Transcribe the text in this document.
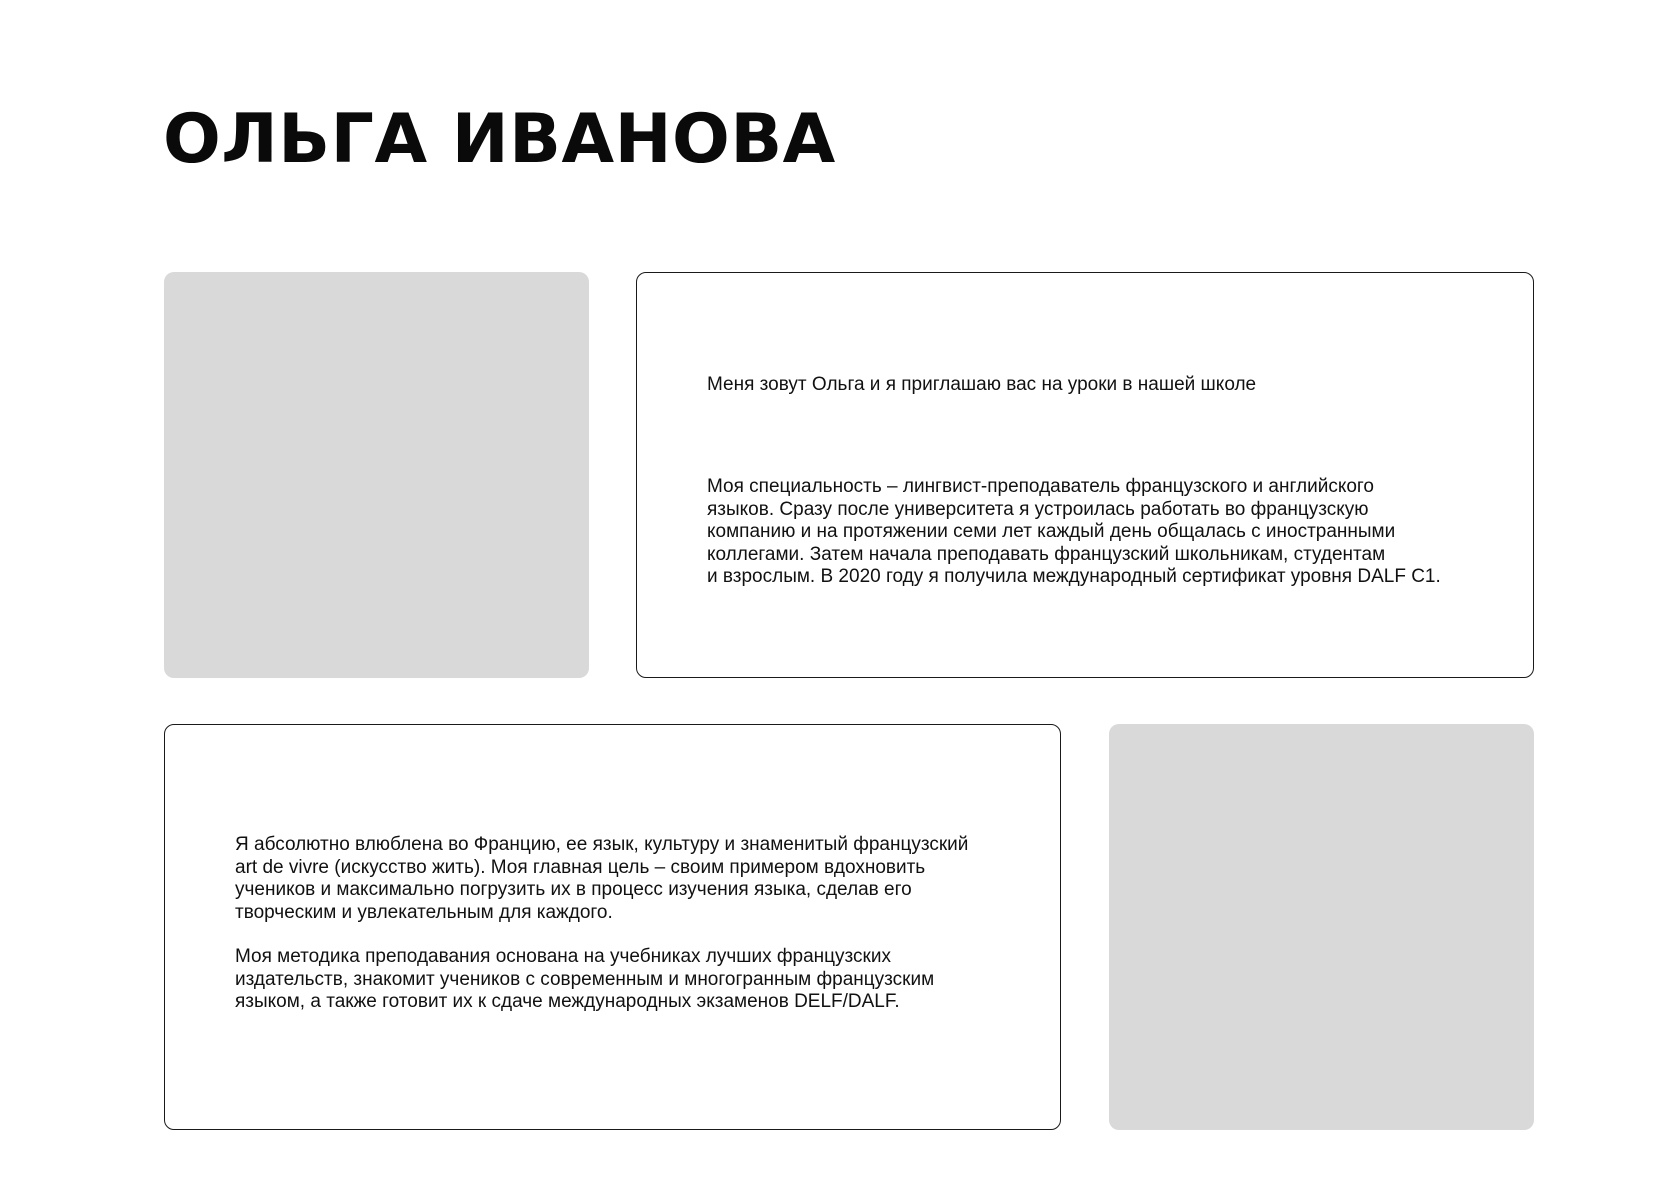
ОЛЬГА ИВАНОВА

Меня зовут Ольга и я приглашаю вас на уроки в нашей школе

Моя специальность – лингвист-преподаватель французского и английского
языков. Сразу после университета я устроилась работать во французскую
компанию и на протяжении семи лет каждый день общалась с иностранными
коллегами. Затем начала преподавать французский школьникам, студентам
и взрослым. В 2020 году я получила международный сертификат уровня DALF C1.

Я абсолютно влюблена во Францию, ее язык, культуру и знаменитый французский
art de vivre (искусство жить). Моя главная цель – своим примером вдохновить
учеников и максимально погрузить их в процесс изучения языка, сделав его
творческим и увлекательным для каждого.

Моя методика преподавания основана на учебниках лучших французских
издательств, знакомит учеников с современным и многогранным французским
языком, а также готовит их к сдаче международных экзаменов DELF/DALF.
